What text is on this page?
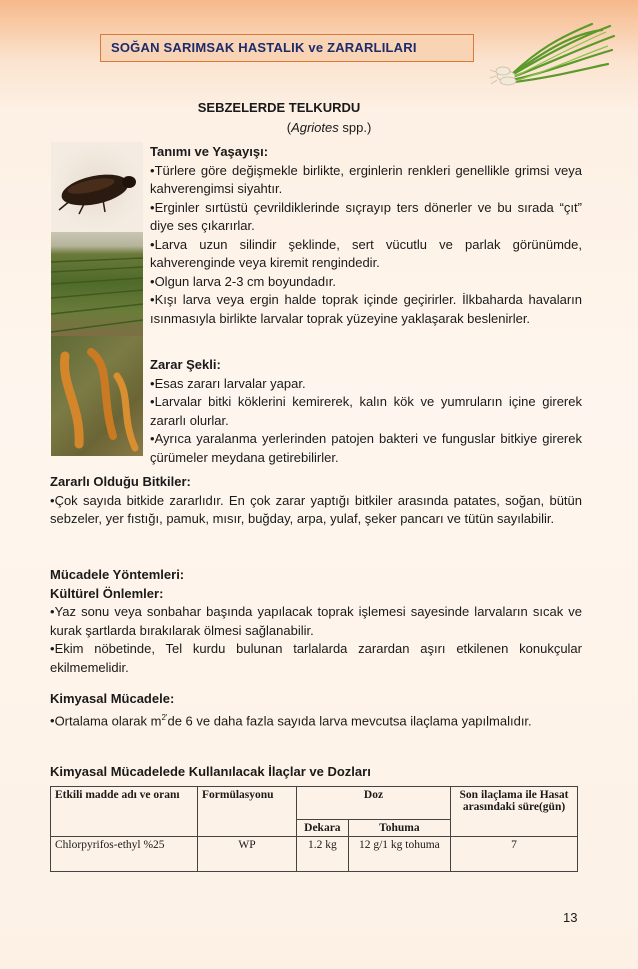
SOĞAN SARIMSAK HASTALIK ve ZARARLILARI
SEBZELERDE TELKURDU
(Agriotes spp.)
Tanımı ve Yaşayışı:
• Türlere göre değişmekle birlikte, erginlerin renkleri genellikle grimsi veya kahverengimsi siyahtır.
• Erginler sırtüstü çevrildiklerinde sıçrayıp ters dönerler ve bu sırada “çıt” diye ses çıkarırlar.
• Larva uzun silindir şeklinde, sert vücutlu ve parlak görünümde, kahverenginde veya kiremit rengindedir.
• Olgun larva 2-3 cm boyundadır.
• Kışı larva veya ergin halde toprak içinde geçirirler. İlkbaharda havaların ısınmasıyla birlikte larvalar toprak yüzeyine yaklaşarak beslenirler.
Zarar Şekli:
• Esas zararı larvalar yapar.
• Larvalar bitki köklerini kemirerek, kalın kök ve yumruların içine girerek zararlı olurlar.
• Ayrıca yaralanma yerlerinden patojen bakteri ve funguslar bitkiye girerek çürümeler meydana getirebilirler.
Zararlı Olduğu Bitkiler:
• Çok sayıda bitkide zararlıdır. En çok zarar yaptığı bitkiler arasında patates, soğan, bütün sebzeler, yer fıstığı, pamuk, mısır, buğday, arpa, yulaf, şeker pancarı ve tütün sayılabilir.
Mücadele Yöntemleri:
Kültürel Önlemler:
• Yaz sonu veya sonbahar başında yapılacak toprak işlemesi sayesinde larvaların sıcak ve kurak şartlarda bırakılarak ölmesi sağlanabilir.
• Ekim nöbetinde, Tel kurdu bulunan tarlalarda zarardan aşırı etkilenen konukçular ekilmemelidir.
Kimyasal Mücadele:
• Ortalama olarak $m^{2'}de$ 6 ve daha fazla sayıda larva mevcutsa ilaçlama yapılmalıdır.
Kimyasal Mücadelede Kullanılacak İlaçlar ve Dozları
Etkili madde adı ve oranı	Formülasyonu	Doz		Son ilaçlama ile Hasat arasındaki süre(gün)
		Dekara	Tohuma	
Chlorpyrifos-ethyl %25	WP	1.2 kg	12 g/1 kg tohuma	7
13
